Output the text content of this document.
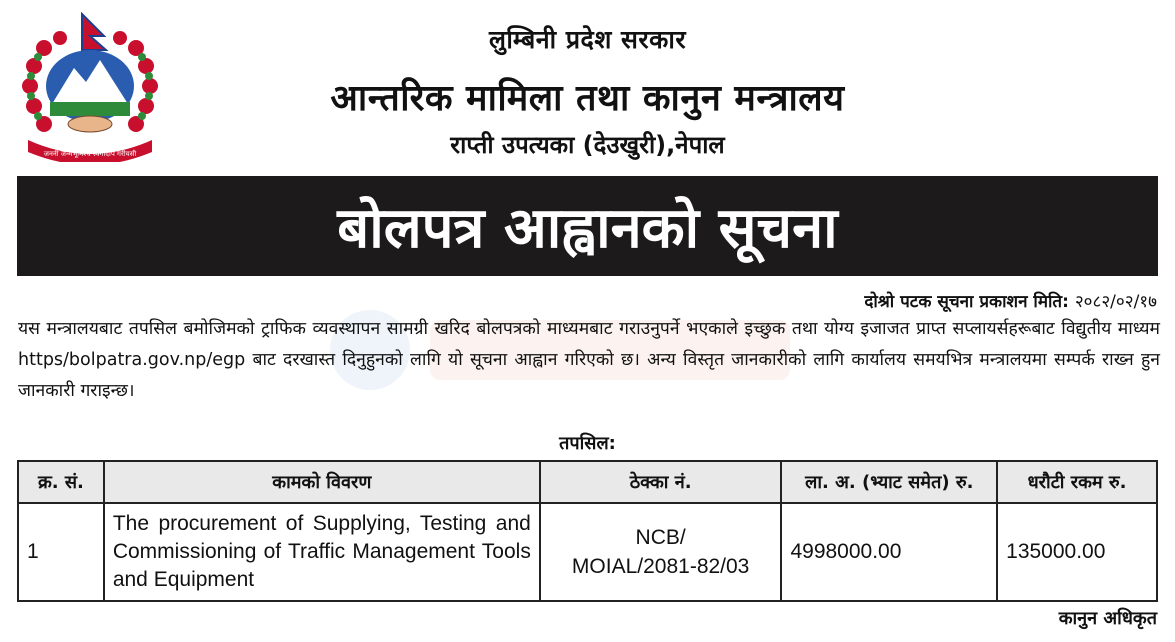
जननी जन्मभूमिश्च स्वर्गादपि गरीयसी
लुम्बिनी प्रदेश सरकार
आन्तरिक मामिला तथा कानुन मन्त्रालय
राप्ती उपत्यका (देउखुरी),नेपाल
बोलपत्र आह्वानको सूचना
दोश्रो पटक सूचना प्रकाशन मिति: २०८२/०२/१७
यस मन्त्रालयबाट तपसिल बमोजिमको ट्राफिक व्यवस्थापन सामग्री खरिद बोलपत्रको माध्यमबाट गराउनुपर्ने भएकाले इच्छुक तथा योग्य इजाजत प्राप्त सप्लायर्सहरूबाट विद्युतीय माध्यम https/bolpatra.gov.np/egp बाट दरखास्त दिनुहुनको लागि यो सूचना आह्वान गरिएको छ। अन्य विस्तृत जानकारीको लागि कार्यालय समयभित्र मन्त्रालयमा सम्पर्क राख्न हुन जानकारी गराइन्छ।
तपसिल:
क्र. सं.	कामको विवरण	ठेक्का नं.	ला. अ. (भ्याट समेत) रु.	धरौटी रकम रु.
1	The procurement of Supplying, Testing and Commissioning of Traffic Management Tools and Equipment	NCB/
MOIAL/2081-82/03	4998000.00	135000.00
कानुन अधिकृत
